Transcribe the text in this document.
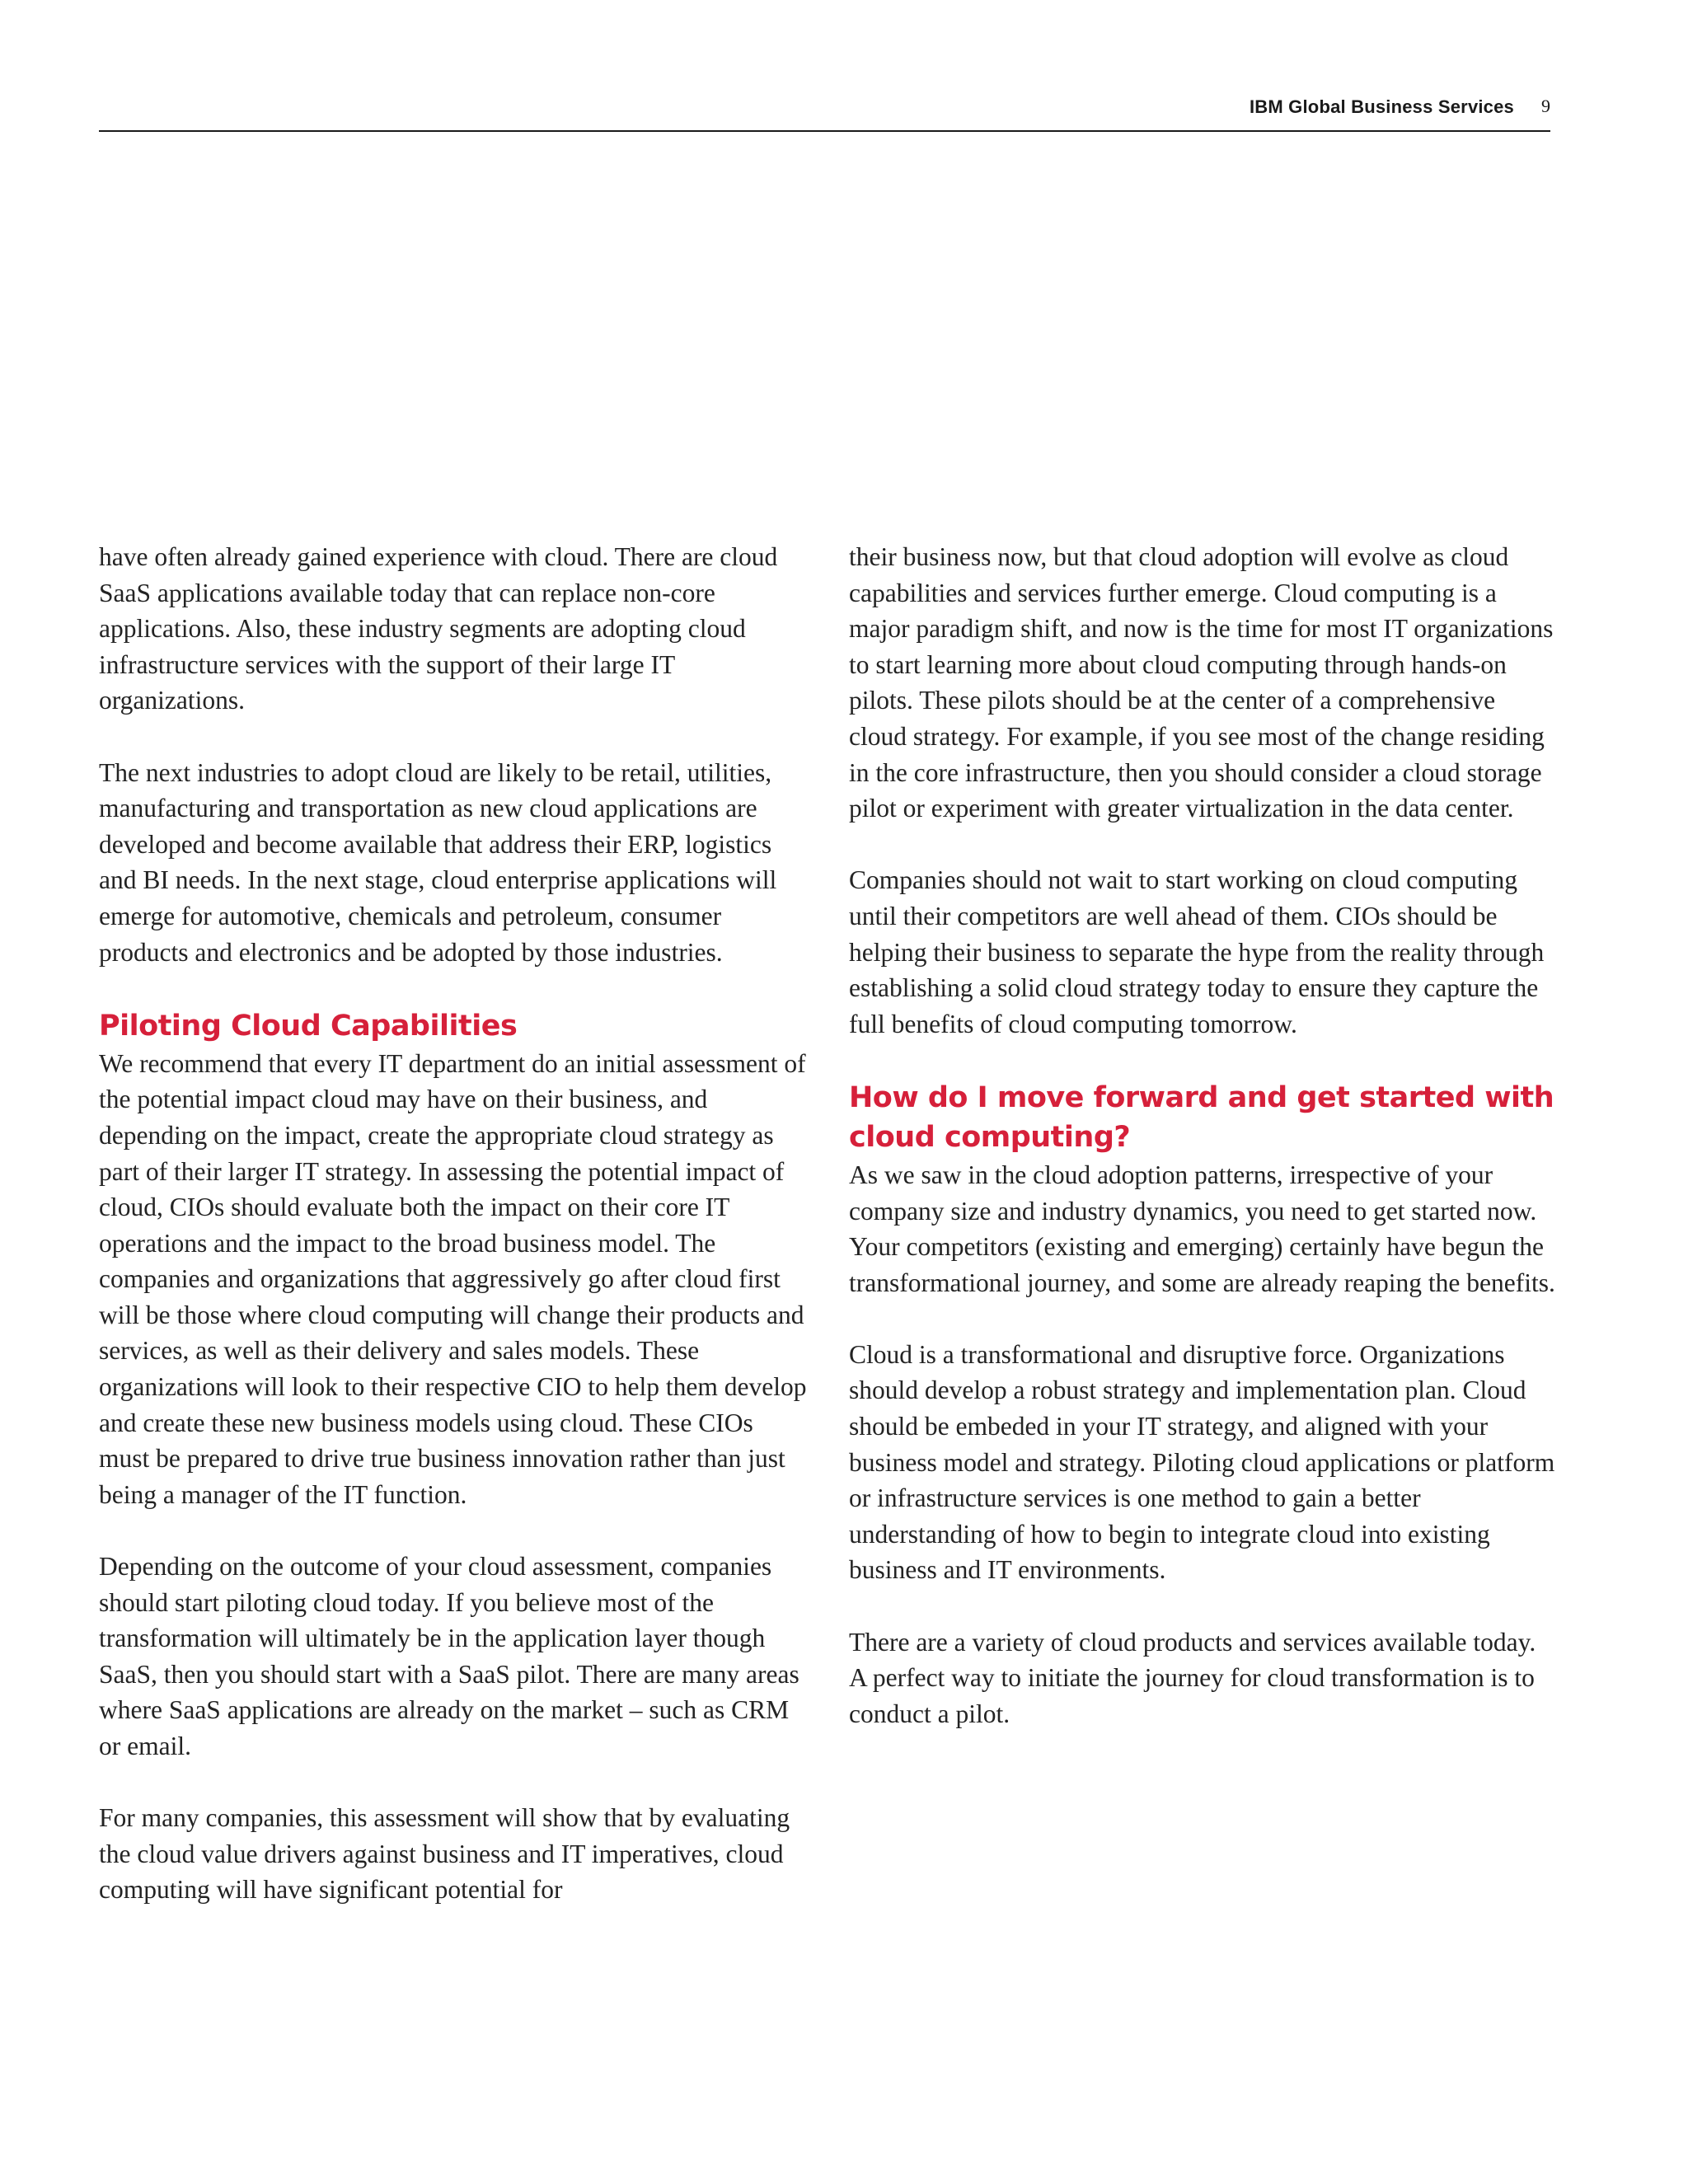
IBM Global Business Services 9

have often already gained experience with cloud. There are cloud SaaS applications available today that can replace non-core applications. Also, these industry segments are adopting cloud infrastructure services with the support of their large IT organizations.

The next industries to adopt cloud are likely to be retail, utilities, manufacturing and transportation as new cloud applications are developed and become available that address their ERP, logistics and BI needs. In the next stage, cloud enterprise applications will emerge for automotive, chemicals and petroleum, consumer products and electronics and be adopted by those industries.

Piloting Cloud Capabilities

We recommend that every IT department do an initial assessment of the potential impact cloud may have on their business, and depending on the impact, create the appropriate cloud strategy as part of their larger IT strategy. In assessing the potential impact of cloud, CIOs should evaluate both the impact on their core IT operations and the impact to the broad business model. The companies and organizations that aggressively go after cloud first will be those where cloud computing will change their products and services, as well as their delivery and sales models. These organizations will look to their respective CIO to help them develop and create these new business models using cloud. These CIOs must be prepared to drive true business innovation rather than just being a manager of the IT function.

Depending on the outcome of your cloud assessment, companies should start piloting cloud today. If you believe most of the transformation will ultimately be in the application layer though SaaS, then you should start with a SaaS pilot. There are many areas where SaaS applications are already on the market – such as CRM or email.

For many companies, this assessment will show that by evaluating the cloud value drivers against business and IT imperatives, cloud computing will have significant potential for

their business now, but that cloud adoption will evolve as cloud capabilities and services further emerge. Cloud computing is a major paradigm shift, and now is the time for most IT organizations to start learning more about cloud computing through hands-on pilots. These pilots should be at the center of a comprehensive cloud strategy. For example, if you see most of the change residing in the core infrastructure, then you should consider a cloud storage pilot or experiment with greater virtualization in the data center.

Companies should not wait to start working on cloud computing until their competitors are well ahead of them. CIOs should be helping their business to separate the hype from the reality through establishing a solid cloud strategy today to ensure they capture the full benefits of cloud computing tomorrow.

How do I move forward and get started with cloud computing?

As we saw in the cloud adoption patterns, irrespective of your company size and industry dynamics, you need to get started now. Your competitors (existing and emerging) certainly have begun the transformational journey, and some are already reaping the benefits.

Cloud is a transformational and disruptive force. Organizations should develop a robust strategy and implementation plan. Cloud should be embeded in your IT strategy, and aligned with your business model and strategy. Piloting cloud applications or platform or infrastructure services is one method to gain a better understanding of how to begin to integrate cloud into existing business and IT environments.

There are a variety of cloud products and services available today. A perfect way to initiate the journey for cloud transformation is to conduct a pilot.
